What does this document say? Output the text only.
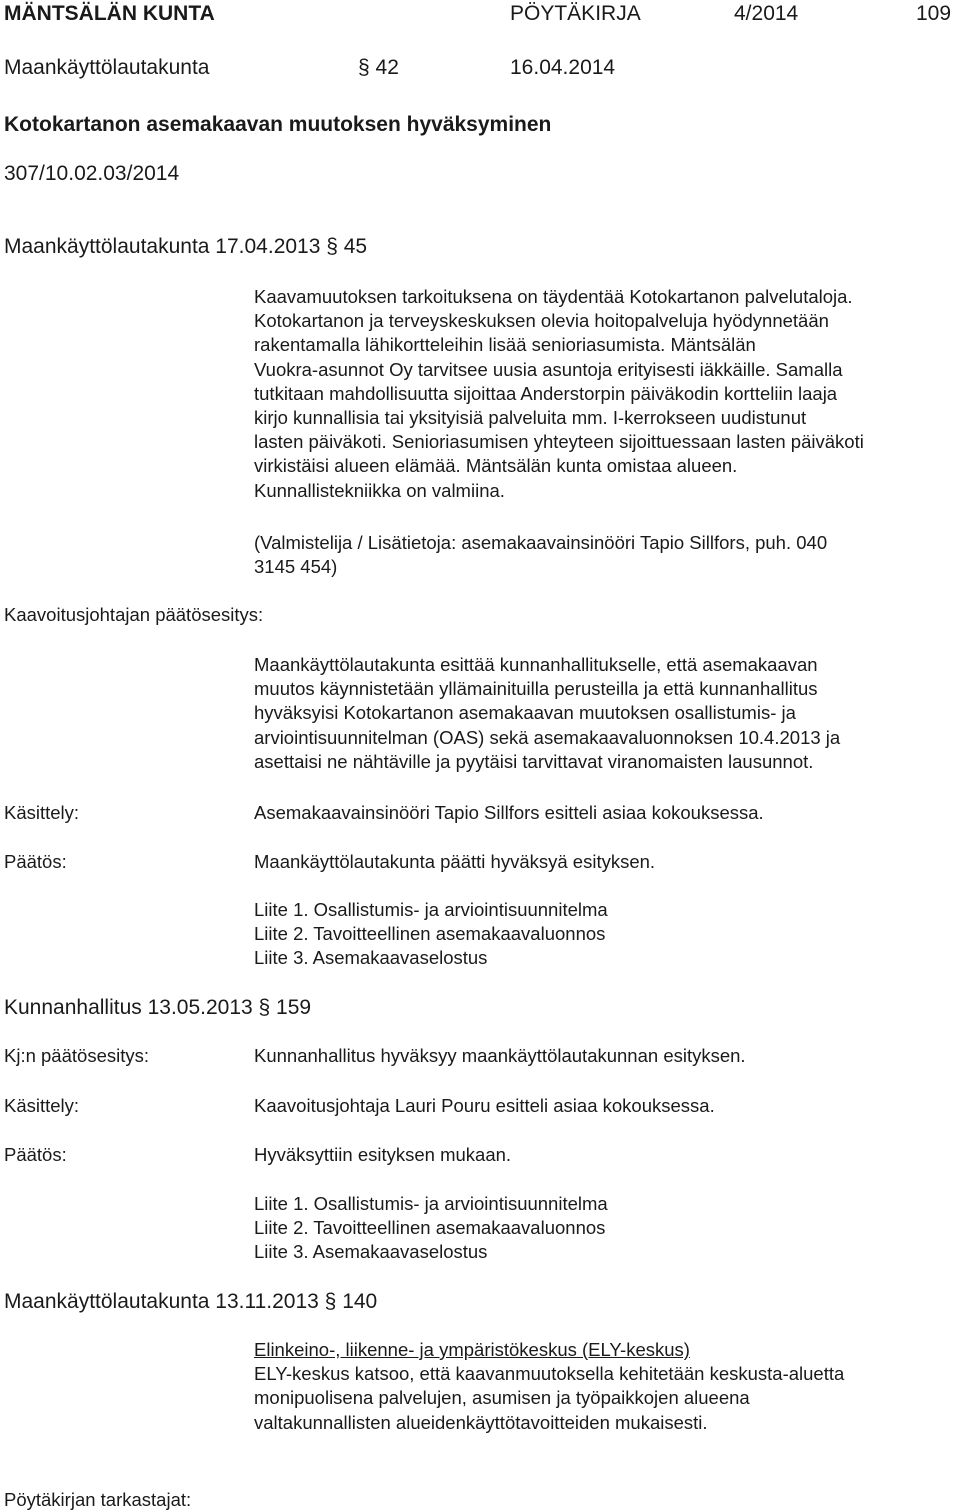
MÄNTSÄLÄN KUNTA	PÖYTÄKIRJA	4/2014	109
Maankäyttölautakunta	§ 42	16.04.2014
Kotokartanon asemakaavan muutoksen hyväksyminen
307/10.02.03/2014
Maankäyttölautakunta 17.04.2013 § 45
Kaavamuutoksen tarkoituksena on täydentää Kotokartanon palvelutaloja.
Kotokartanon ja terveyskeskuksen olevia hoitopalveluja hyödynnetään
rakentamalla lähikortteleihin lisää senioriasumista. Mäntsälän
Vuokra-asunnot Oy tarvitsee uusia asuntoja erityisesti iäkkäille. Samalla
tutkitaan mahdollisuutta sijoittaa Anderstorpin päiväkodin kortteliin laaja
kirjo kunnallisia tai yksityisiä palveluita mm. I-kerrokseen uudistunut
lasten päiväkoti. Senioriasumisen yhteyteen sijoittuessaan lasten päiväkoti
virkistäisi alueen elämää. Mäntsälän kunta omistaa alueen.
Kunnallistekniikka on valmiina.
(Valmistelija / Lisätietoja: asemakaavainsinööri Tapio Sillfors, puh. 040
3145 454)
Kaavoitusjohtajan päätösesitys:
Maankäyttölautakunta esittää kunnanhallitukselle, että asemakaavan
muutos käynnistetään yllämainituilla perusteilla ja että kunnanhallitus
hyväksyisi Kotokartanon asemakaavan muutoksen osallistumis- ja
arviointisuunnitelman (OAS) sekä asemakaavaluonnoksen 10.4.2013 ja
asettaisi ne nähtäville ja pyytäisi tarvittavat viranomaisten lausunnot.
Käsittely:	Asemakaavainsinööri Tapio Sillfors esitteli asiaa kokouksessa.
Päätös:	Maankäyttölautakunta päätti hyväksyä esityksen.
Liite 1. Osallistumis- ja arviointisuunnitelma
Liite 2. Tavoitteellinen asemakaavaluonnos
Liite 3. Asemakaavaselostus
Kunnanhallitus 13.05.2013 § 159
Kj:n päätösesitys:	Kunnanhallitus hyväksyy maankäyttölautakunnan esityksen.
Käsittely:	Kaavoitusjohtaja Lauri Pouru esitteli asiaa kokouksessa.
Päätös:	Hyväksyttiin esityksen mukaan.
Liite 1. Osallistumis- ja arviointisuunnitelma
Liite 2. Tavoitteellinen asemakaavaluonnos
Liite 3. Asemakaavaselostus
Maankäyttölautakunta 13.11.2013 § 140
Elinkeino-, liikenne- ja ympäristökeskus (ELY-keskus)
ELY-keskus katsoo, että kaavanmuutoksella kehitetään keskusta-aluetta
monipuolisena palvelujen, asumisen ja työpaikkojen alueena
valtakunnallisten alueidenkäyttötavoitteiden mukaisesti.
Pöytäkirjan tarkastajat:
